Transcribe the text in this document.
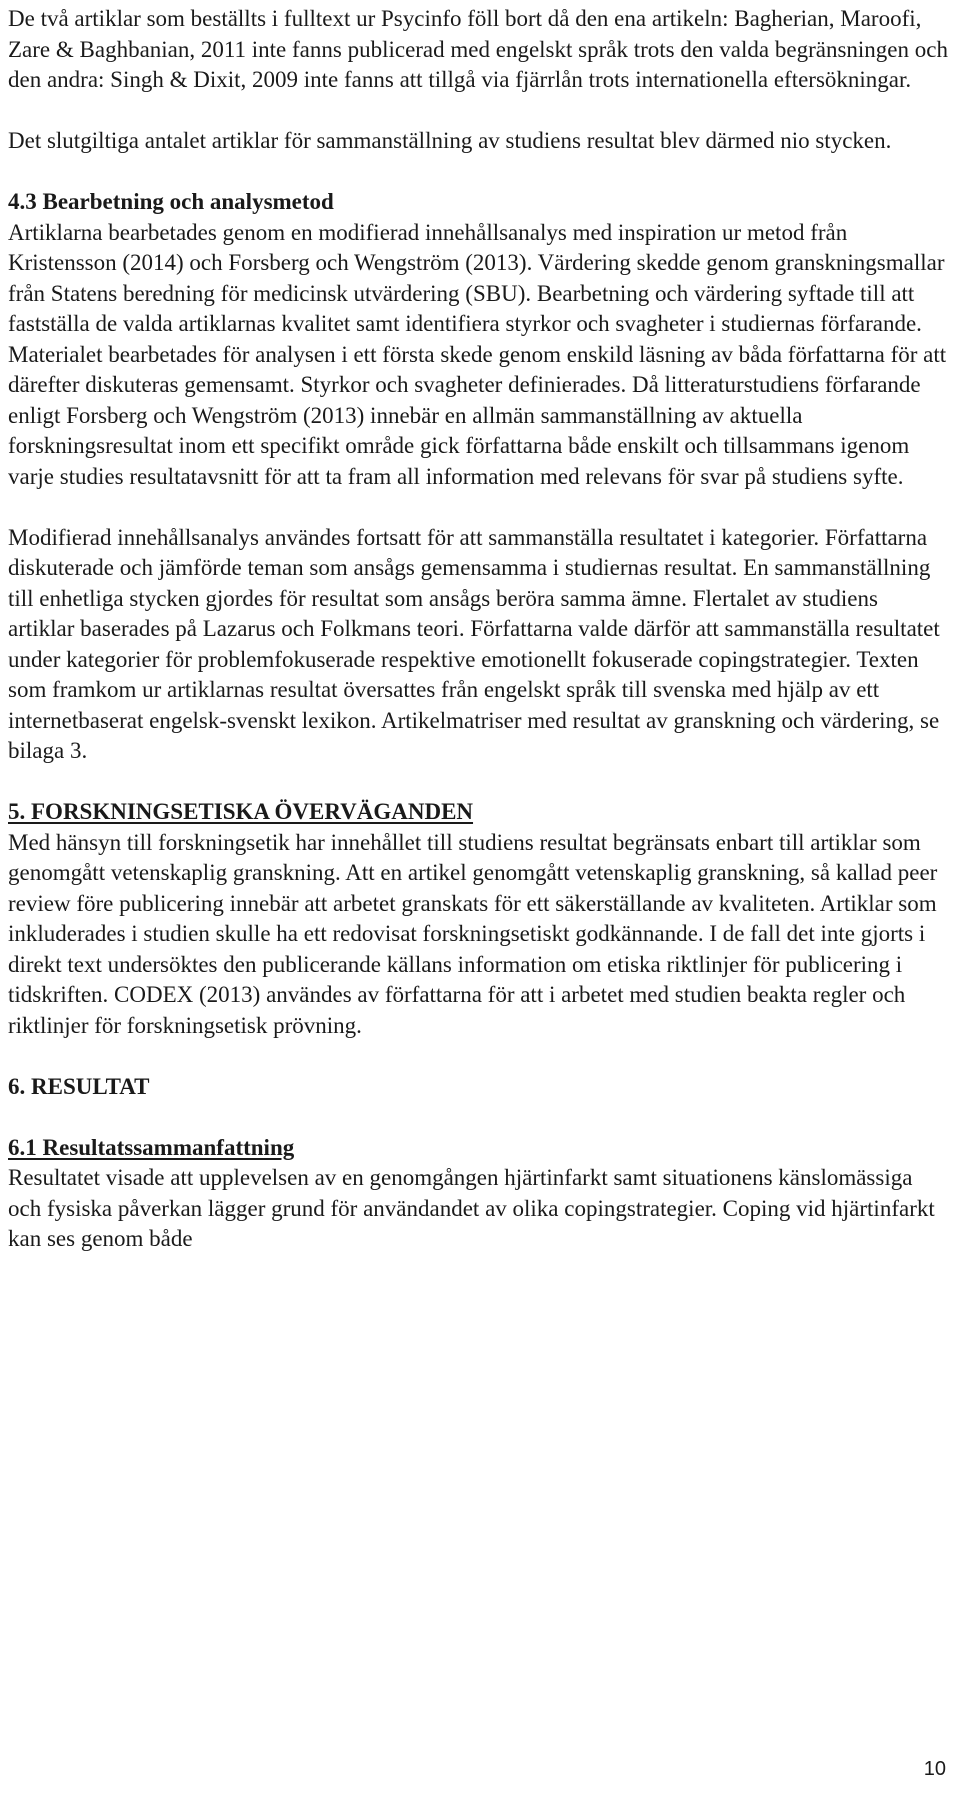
De två artiklar som beställts i fulltext ur Psycinfo föll bort då den ena artikeln: Bagherian, Maroofi, Zare & Baghbanian, 2011 inte fanns publicerad med engelskt språk trots den valda begränsningen och den andra: Singh & Dixit, 2009 inte fanns att tillgå via fjärrlån trots internationella eftersökningar.

Det slutgiltiga antalet artiklar för sammanställning av studiens resultat blev därmed nio stycken.

4.3 Bearbetning och analysmetod

Artiklarna bearbetades genom en modifierad innehållsanalys med inspiration ur metod från Kristensson (2014) och Forsberg och Wengström (2013). Värdering skedde genom granskningsmallar från Statens beredning för medicinsk utvärdering (SBU). Bearbetning och värdering syftade till att fastställa de valda artiklarnas kvalitet samt identifiera styrkor och svagheter i studiernas förfarande. Materialet bearbetades för analysen i ett första skede genom enskild läsning av båda författarna för att därefter diskuteras gemensamt. Styrkor och svagheter definierades. Då litteraturstudiens förfarande enligt Forsberg och Wengström (2013) innebär en allmän sammanställning av aktuella forskningsresultat inom ett specifikt område gick författarna både enskilt och tillsammans igenom varje studies resultatavsnitt för att ta fram all information med relevans för svar på studiens syfte.

Modifierad innehållsanalys användes fortsatt för att sammanställa resultatet i kategorier. Författarna diskuterade och jämförde teman som ansågs gemensamma i studiernas resultat. En sammanställning till enhetliga stycken gjordes för resultat som ansågs beröra samma ämne. Flertalet av studiens artiklar baserades på Lazarus och Folkmans teori. Författarna valde därför att sammanställa resultatet under kategorier för problemfokuserade respektive emotionellt fokuserade copingstrategier. Texten som framkom ur artiklarnas resultat översattes från engelskt språk till svenska med hjälp av ett internetbaserat engelsk-svenskt lexikon. Artikelmatriser med resultat av granskning och värdering, se bilaga 3.

5. FORSKNINGSETISKA ÖVERVÄGANDEN

Med hänsyn till forskningsetik har innehållet till studiens resultat begränsats enbart till artiklar som genomgått vetenskaplig granskning. Att en artikel genomgått vetenskaplig granskning, så kallad peer review före publicering innebär att arbetet granskats för ett säkerställande av kvaliteten. Artiklar som inkluderades i studien skulle ha ett redovisat forskningsetiskt godkännande. I de fall det inte gjorts i direkt text undersöktes den publicerande källans information om etiska riktlinjer för publicering i tidskriften. CODEX (2013) användes av författarna för att i arbetet med studien beakta regler och riktlinjer för forskningsetisk prövning.

6. RESULTAT
6.1 Resultatssammanfattning

Resultatet visade att upplevelsen av en genomgången hjärtinfarkt samt situationens känslomässiga och fysiska påverkan lägger grund för användandet av olika copingstrategier. Coping vid hjärtinfarkt kan ses genom både

10
